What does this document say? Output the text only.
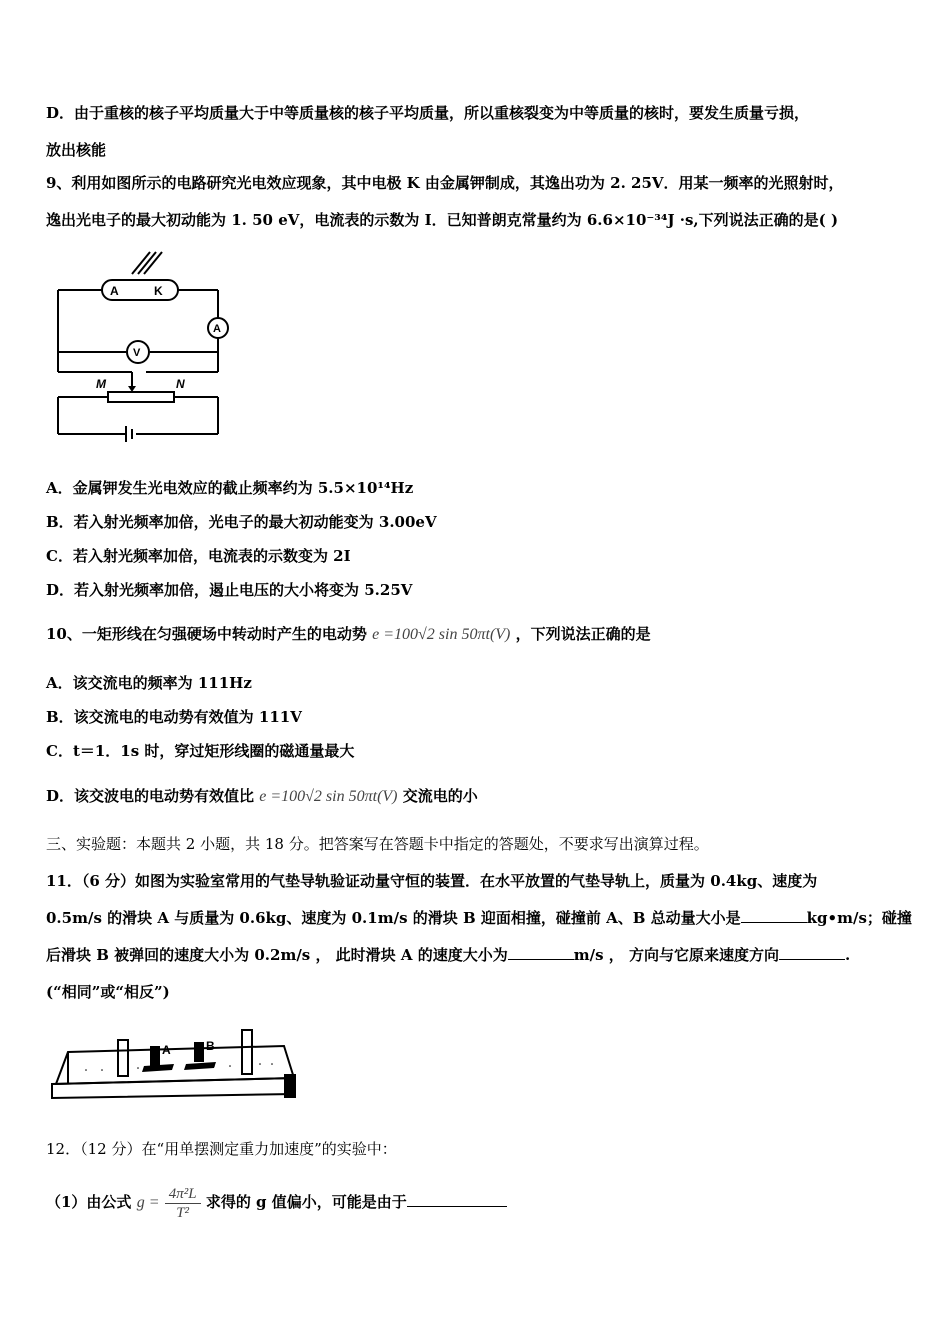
D．由于重核的核子平均质量大于中等质量核的核子平均质量，所以重核裂变为中等质量的核时，要发生质量亏损，
放出核能
9、利用如图所示的电路研究光电效应现象，其中电极 K 由金属钾制成，其逸出功为 2. 25V．用某一频率的光照射时，
逸出光电子的最大初动能为 1. 50 eV，电流表的示数为 I．已知普朗克常量约为 6.6×10⁻³⁴J ·s,下列说法正确的是( )
A	K
A
V
M	N
A．金属钾发生光电效应的截止频率约为 5.5×10¹⁴Hz
B．若入射光频率加倍，光电子的最大初动能变为 3.00eV
C．若入射光频率加倍，电流表的示数变为 2I
D．若入射光频率加倍，遏止电压的大小将变为 5.25V
10、一矩形线在匀强硬场中转动时产生的电动势 e =100√2 sin 50πt(V) ，下列说法正确的是
A．该交流电的频率为 111Hz
B．该交流电的电动势有效值为 111V
C．t＝1．1s 时，穿过矩形线圈的磁通量最大
D．该交波电的电动势有效值比 e =100√2 sin 50πt(V) 交流电的小
三、实验题：本题共 2 小题，共 18 分。把答案写在答题卡中指定的答题处，不要求写出演算过程。
11．（6 分）如图为实验室常用的气垫导轨验证动量守恒的装置．在水平放置的气垫导轨上，质量为 0.4kg、速度为
0.5m/s 的滑块 A 与质量为 0.6kg、速度为 0.1m/s 的滑块 B 迎面相撞，碰撞前 A、B 总动量大小是	kg•m/s；碰撞
后滑块 B 被弹回的速度大小为 0.2m/s ， 此时滑块 A 的速度大小为	m/s ， 方向与它原来速度方向	.
(“相同”或“相反”)
A	B
12．（12 分）在“用单摆测定重力加速度”的实验中：
（1）由公式 $g = \frac{\text{4π²L}}{\text{T²}}$ 求得的 g 值偏小，可能是由于
